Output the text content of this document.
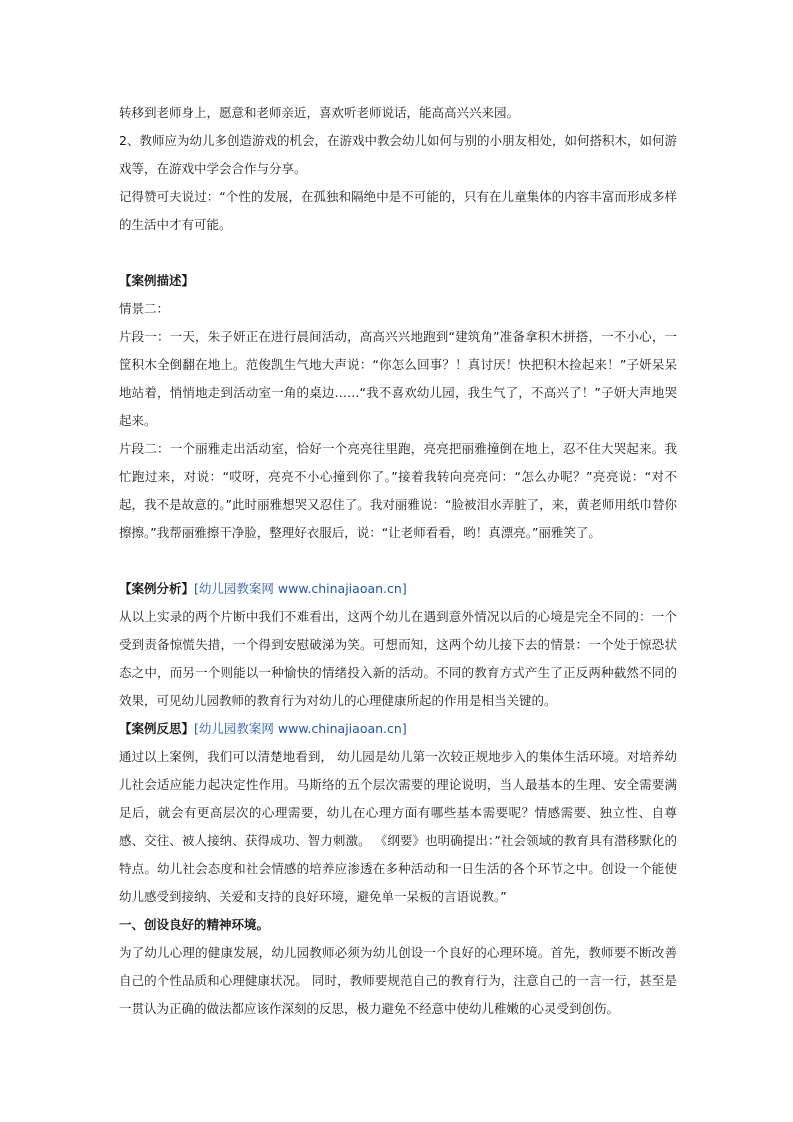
转移到老师身上，愿意和老师亲近，喜欢听老师说话，能高高兴兴来园。

2、教师应为幼儿多创造游戏的机会，在游戏中教会幼儿如何与别的小朋友相处，如何搭积木，如何游戏等，在游戏中学会合作与分享。

记得赞可夫说过：“个性的发展，在孤独和隔绝中是不可能的，只有在儿童集体的内容丰富而形成多样的生活中才有可能。

【案例描述】

情景二：

片段一：一天，朱子妍正在进行晨间活动，高高兴兴地跑到“建筑角”准备拿积木拼搭，一不小心，一筐积木全倒翻在地上。范俊凯生气地大声说：“你怎么回事？！真讨厌！快把积木捡起来！”子妍呆呆地站着，悄悄地走到活动室一角的桌边……“我不喜欢幼儿园，我生气了，不高兴了！”子妍大声地哭起来。

片段二：一个丽雅走出活动室，恰好一个亮亮往里跑，亮亮把丽雅撞倒在地上，忍不住大哭起来。我忙跑过来，对说：“哎呀，亮亮不小心撞到你了。”接着我转向亮亮问：“怎么办呢？”亮亮说：“对不起，我不是故意的。”此时丽雅想哭又忍住了。我对丽雅说：“脸被泪水弄脏了，来，黄老师用纸巾替你擦擦。”我帮丽雅擦干净脸，整理好衣服后，说：“让老师看看，哟！真漂亮。”丽雅笑了。

【案例分析】[幼儿园教案网 www.chinajiaoan.cn]

从以上实录的两个片断中我们不难看出，这两个幼儿在遇到意外情况以后的心境是完全不同的：一个受到责备惊慌失措，一个得到安慰破涕为笑。可想而知，这两个幼儿接下去的情景：一个处于惊恐状态之中，而另一个则能以一种愉快的情绪投入新的活动。不同的教育方式产生了正反两种截然不同的效果，可见幼儿园教师的教育行为对幼儿的心理健康所起的作用是相当关键的。

【案例反思】[幼儿园教案网 www.chinajiaoan.cn]

通过以上案例，我们可以清楚地看到， 幼儿园是幼儿第一次较正规地步入的集体生活环境。对培养幼儿社会适应能力起决定性作用。马斯络的五个层次需要的理论说明，当人最基本的生理、安全需要满足后，就会有更高层次的心理需要，幼儿在心理方面有哪些基本需要呢？情感需要、独立性、自尊感、交往、被人接纳、获得成功、智力刺激。 《纲要》也明确提出：”社会领域的教育具有潜移默化的特点。幼儿社会态度和社会情感的培养应渗透在多种活动和一日生活的各个环节之中。创设一个能使幼儿感受到接纳、关爱和支持的良好环境，避免单一呆板的言语说教。”

一、创设良好的精神环境。

为了幼儿心理的健康发展，幼儿园教师必须为幼儿创设一个良好的心理环境。首先，教师要不断改善自己的个性品质和心理健康状况。 同时，教师要规范自己的教育行为，注意自己的一言一行，甚至是一贯认为正确的做法都应该作深刻的反思，极力避免不经意中使幼儿稚嫩的心灵受到创伤。
